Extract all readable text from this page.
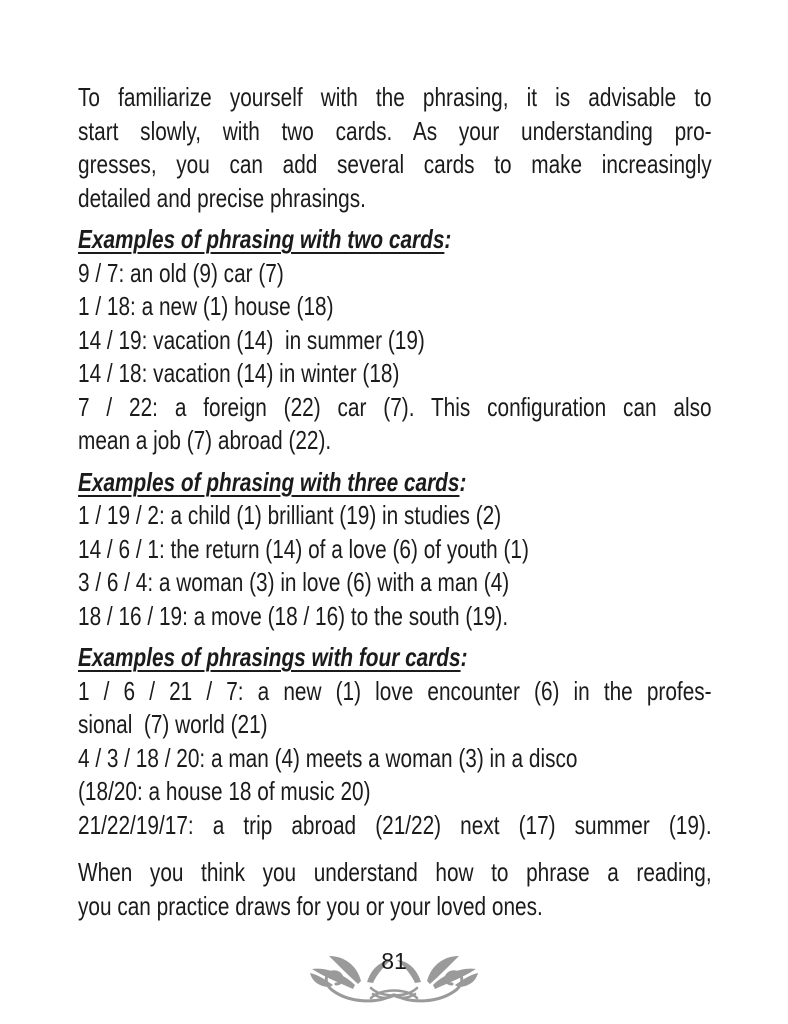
To familiarize yourself with the phrasing, it is advisable to
start slowly, with two cards. As your understanding pro-
gresses, you can add several cards to make increasingly
detailed and precise phrasings.
Examples of phrasing with two cards:
9 / 7: an old (9) car (7)
1 / 18: a new (1) house (18)
14 / 19: vacation (14)  in summer (19)
14 / 18: vacation (14) in winter (18)
7 / 22: a foreign (22) car (7). This configuration can also
mean a job (7) abroad (22).
Examples of phrasing with three cards:
1 / 19 / 2: a child (1) brilliant (19) in studies (2)
14 / 6 / 1: the return (14) of a love (6) of youth (1)
3 / 6 / 4: a woman (3) in love (6) with a man (4)
18 / 16 / 19: a move (18 / 16) to the south (19).
Examples of phrasings with four cards:
1 / 6 / 21 / 7: a new (1) love encounter (6) in the profes-
sional  (7) world (21)
4 / 3 / 18 / 20: a man (4) meets a woman (3) in a disco
(18/20: a house 18 of music 20)
21/22/19/17: a trip abroad (21/22) next (17) summer (19).
When you think you understand how to phrase a reading,
you can practice draws for you or your loved ones.
81
